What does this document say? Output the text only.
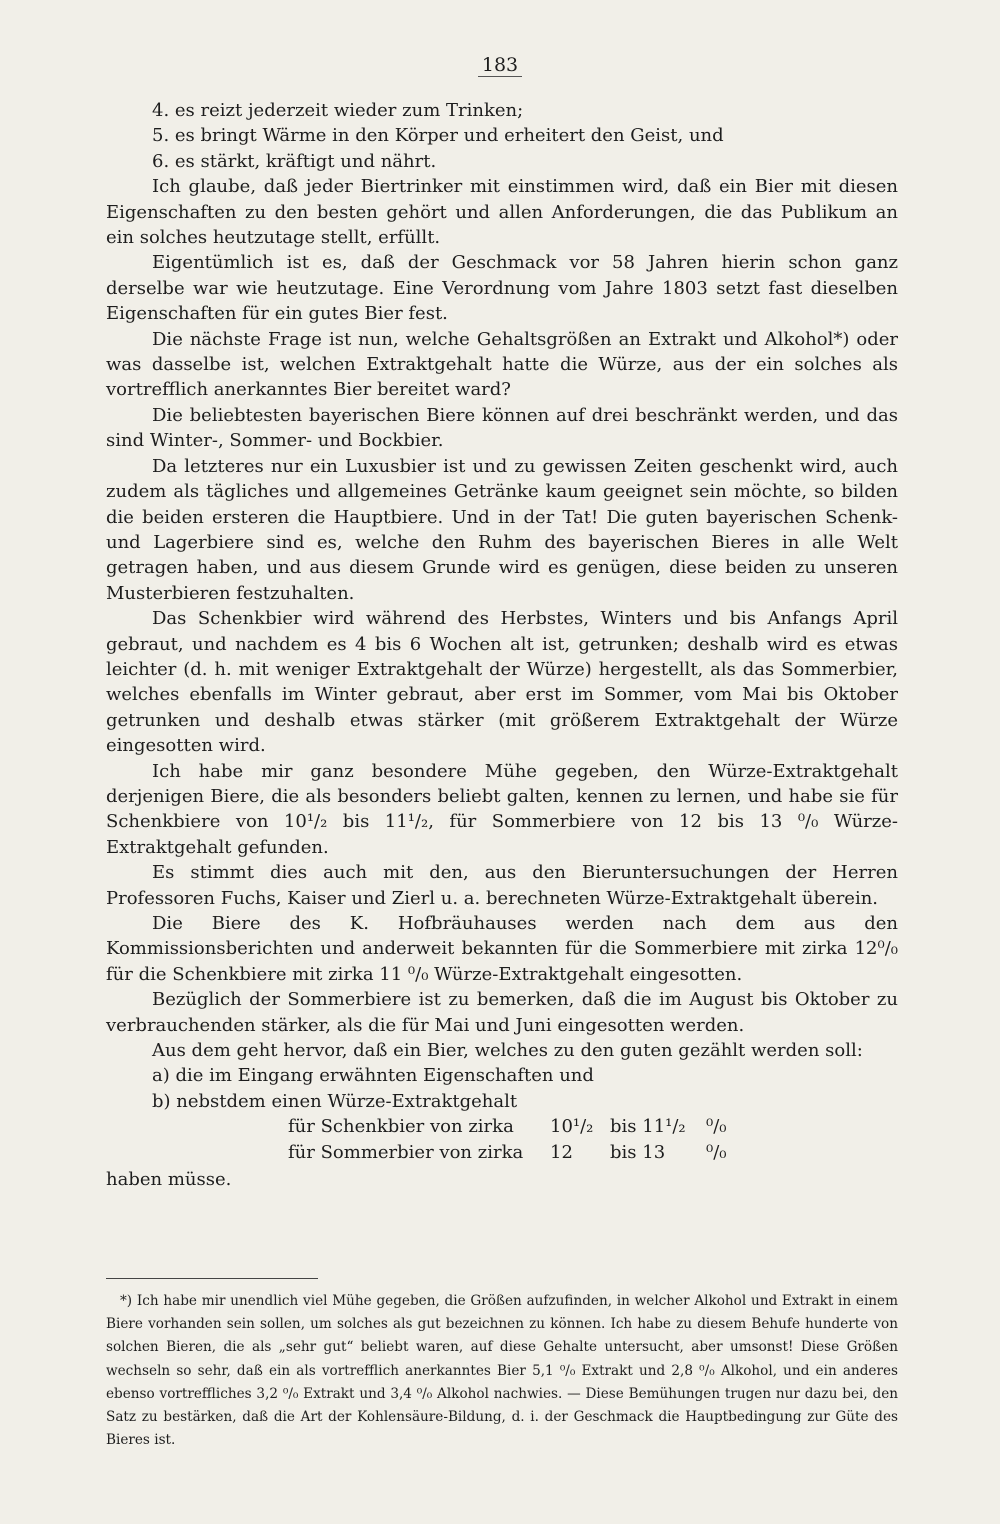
183

4. es reizt jederzeit wieder zum Trinken;

5. es bringt Wärme in den Körper und erheitert den Geist, und

6. es stärkt, kräftigt und nährt.

Ich glaube, daß jeder Biertrinker mit einstimmen wird, daß ein Bier mit diesen Eigenschaften zu den besten gehört und allen Anforderungen, die das Publikum an ein solches heutzutage stellt, erfüllt.

Eigentümlich ist es, daß der Geschmack vor 58 Jahren hierin schon ganz derselbe war wie heutzutage. Eine Verordnung vom Jahre 1803 setzt fast dieselben Eigenschaften für ein gutes Bier fest.

Die nächste Frage ist nun, welche Gehaltsgrößen an Extrakt und Alkohol*) oder was dasselbe ist, welchen Extraktgehalt hatte die Würze, aus der ein solches als vortrefflich anerkanntes Bier bereitet ward?

Die beliebtesten bayerischen Biere können auf drei beschränkt werden, und das sind Winter-, Sommer- und Bockbier.

Da letzteres nur ein Luxusbier ist und zu gewissen Zeiten geschenkt wird, auch zudem als tägliches und allgemeines Getränke kaum geeignet sein möchte, so bilden die beiden ersteren die Hauptbiere. Und in der Tat! Die guten bayerischen Schenk- und Lagerbiere sind es, welche den Ruhm des bayerischen Bieres in alle Welt getragen haben, und aus diesem Grunde wird es genügen, diese beiden zu unseren Musterbieren festzuhalten.

Das Schenkbier wird während des Herbstes, Winters und bis Anfangs April gebraut, und nachdem es 4 bis 6 Wochen alt ist, getrunken; deshalb wird es etwas leichter (d. h. mit weniger Extraktgehalt der Würze) hergestellt, als das Sommerbier, welches ebenfalls im Winter gebraut, aber erst im Sommer, vom Mai bis Oktober getrunken und deshalb etwas stärker (mit größerem Extraktgehalt der Würze eingesotten wird.

Ich habe mir ganz besondere Mühe gegeben, den Würze-Extraktgehalt derjenigen Biere, die als besonders beliebt galten, kennen zu lernen, und habe sie für Schenkbiere von 10¹/₂ bis 11¹/₂, für Sommerbiere von 12 bis 13 ⁰/₀ Würze-Extraktgehalt gefunden.

Es stimmt dies auch mit den, aus den Bieruntersuchungen der Herren Professoren Fuchs, Kaiser und Zierl u. a. berechneten Würze-Extraktgehalt überein.

Die Biere des K. Hofbräuhauses werden nach dem aus den Kommissionsberichten und anderweit bekannten für die Sommerbiere mit zirka 12⁰/₀ für die Schenkbiere mit zirka 11 ⁰/₀ Würze-Extraktgehalt eingesotten.

Bezüglich der Sommerbiere ist zu bemerken, daß die im August bis Oktober zu verbrauchenden stärker, als die für Mai und Juni eingesotten werden.

Aus dem geht hervor, daß ein Bier, welches zu den guten gezählt werden soll:

a) die im Eingang erwähnten Eigenschaften und

b) nebstdem einen Würze-Extraktgehalt

für Schenkbier von zirka	10¹/₂ bis 11¹/₂	⁰/₀
für Sommerbier von zirka	12	bis 13	⁰/₀

haben müsse.

*) Ich habe mir unendlich viel Mühe gegeben, die Größen aufzufinden, in welcher Alkohol und Extrakt in einem Biere vorhanden sein sollen, um solches als gut bezeichnen zu können. Ich habe zu diesem Behufe hunderte von solchen Bieren, die als „sehr gut“ beliebt waren, auf diese Gehalte untersucht, aber umsonst! Diese Größen wechseln so sehr, daß ein als vortrefflich anerkanntes Bier 5,1 ⁰/₀ Extrakt und 2,8 ⁰/₀ Alkohol, und ein anderes ebenso vortreffliches 3,2 ⁰/₀ Extrakt und 3,4 ⁰/₀ Alkohol nachwies. — Diese Bemühungen trugen nur dazu bei, den Satz zu bestärken, daß die Art der Kohlensäure-Bildung, d. i. der Geschmack die Hauptbedingung zur Güte des Bieres ist.
